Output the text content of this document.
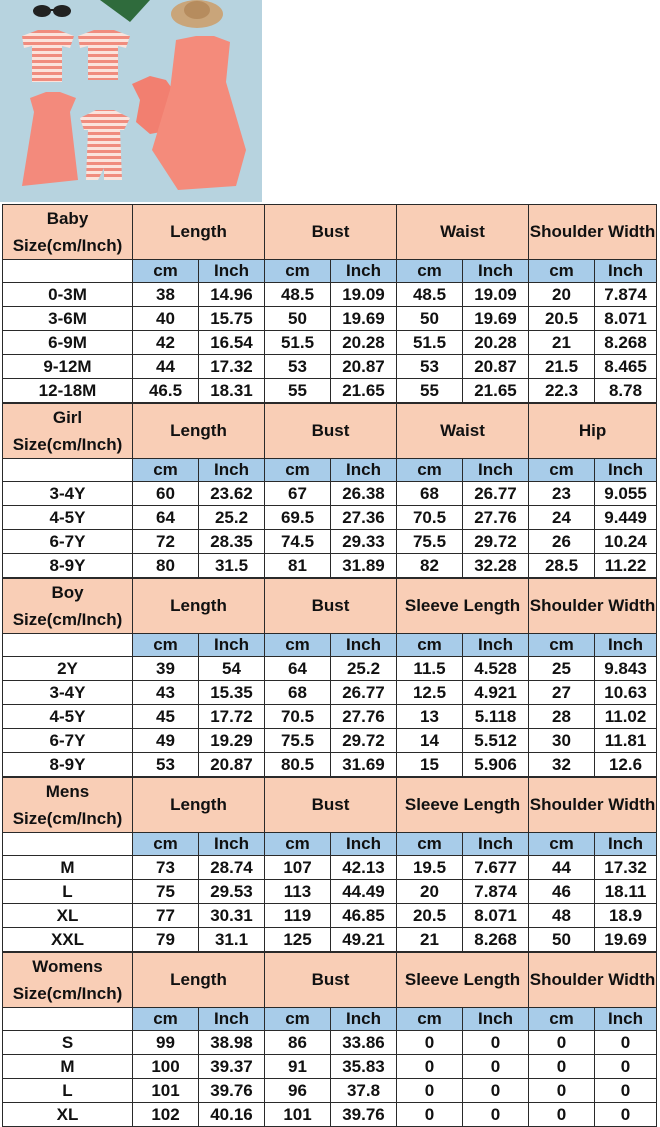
Baby
Size(cm/Inch)	Length		Bust		Waist		Shoulder Width	
	cm	Inch	cm	Inch	cm	Inch	cm	Inch
0-3M	38	14.96	48.5	19.09	48.5	19.09	20	7.874
3-6M	40	15.75	50	19.69	50	19.69	20.5	8.071
6-9M	42	16.54	51.5	20.28	51.5	20.28	21	8.268
9-12M	44	17.32	53	20.87	53	20.87	21.5	8.465
12-18M	46.5	18.31	55	21.65	55	21.65	22.3	8.78
Girl
Size(cm/Inch)	Length		Bust		Waist		Hip	
	cm	Inch	cm	Inch	cm	Inch	cm	Inch
3-4Y	60	23.62	67	26.38	68	26.77	23	9.055
4-5Y	64	25.2	69.5	27.36	70.5	27.76	24	9.449
6-7Y	72	28.35	74.5	29.33	75.5	29.72	26	10.24
8-9Y	80	31.5	81	31.89	82	32.28	28.5	11.22
Boy
Size(cm/Inch)	Length		Bust		Sleeve Length		Shoulder Width	
	cm	Inch	cm	Inch	cm	Inch	cm	Inch
2Y	39	54	64	25.2	11.5	4.528	25	9.843
3-4Y	43	15.35	68	26.77	12.5	4.921	27	10.63
4-5Y	45	17.72	70.5	27.76	13	5.118	28	11.02
6-7Y	49	19.29	75.5	29.72	14	5.512	30	11.81
8-9Y	53	20.87	80.5	31.69	15	5.906	32	12.6
Mens
Size(cm/Inch)	Length		Bust		Sleeve Length		Shoulder Width	
	cm	Inch	cm	Inch	cm	Inch	cm	Inch
M	73	28.74	107	42.13	19.5	7.677	44	17.32
L	75	29.53	113	44.49	20	7.874	46	18.11
XL	77	30.31	119	46.85	20.5	8.071	48	18.9
XXL	79	31.1	125	49.21	21	8.268	50	19.69
Womens
Size(cm/Inch)	Length		Bust		Sleeve Length		Shoulder Width	
	cm	Inch	cm	Inch	cm	Inch	cm	Inch
S	99	38.98	86	33.86	0	0	0	0
M	100	39.37	91	35.83	0	0	0	0
L	101	39.76	96	37.8	0	0	0	0
XL	102	40.16	101	39.76	0	0	0	0
